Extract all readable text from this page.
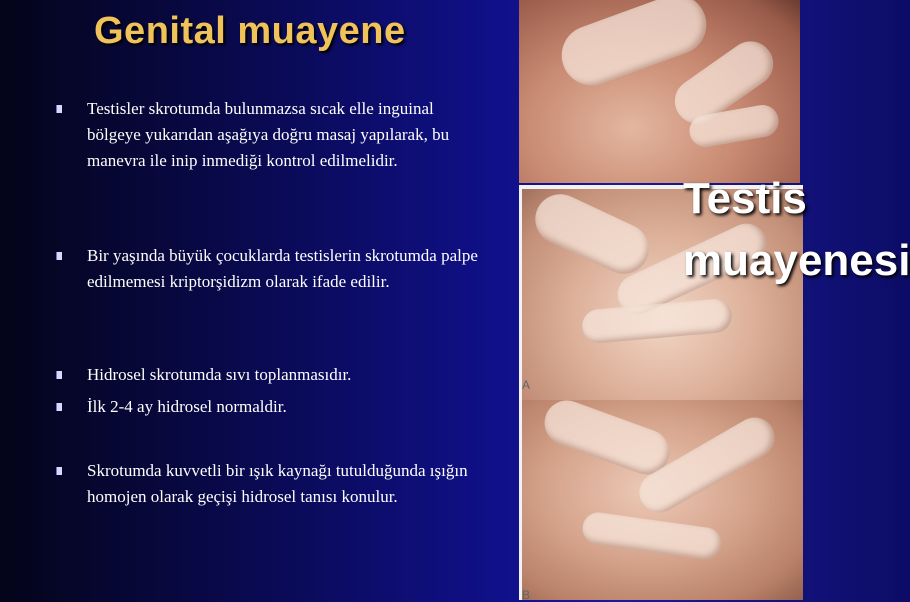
Genital muayene
Testisler skrotumda bulunmazsa sıcak elle inguinal bölgeye yukarıdan aşağıya doğru masaj yapılarak, bu manevra ile inip inmediği kontrol edilmelidir.
Bir yaşında büyük çocuklarda testislerin skrotumda palpe edilmemesi kriptorşidizm olarak ifade edilir.
Hidrosel skrotumda sıvı toplanmasıdır.
İlk 2-4 ay hidrosel normaldir.
Skrotumda kuvvetli bir ışık kaynağı tutulduğunda ışığın homojen olarak geçişi hidrosel tanısı konulur.
A
B
Testis muayenesi
